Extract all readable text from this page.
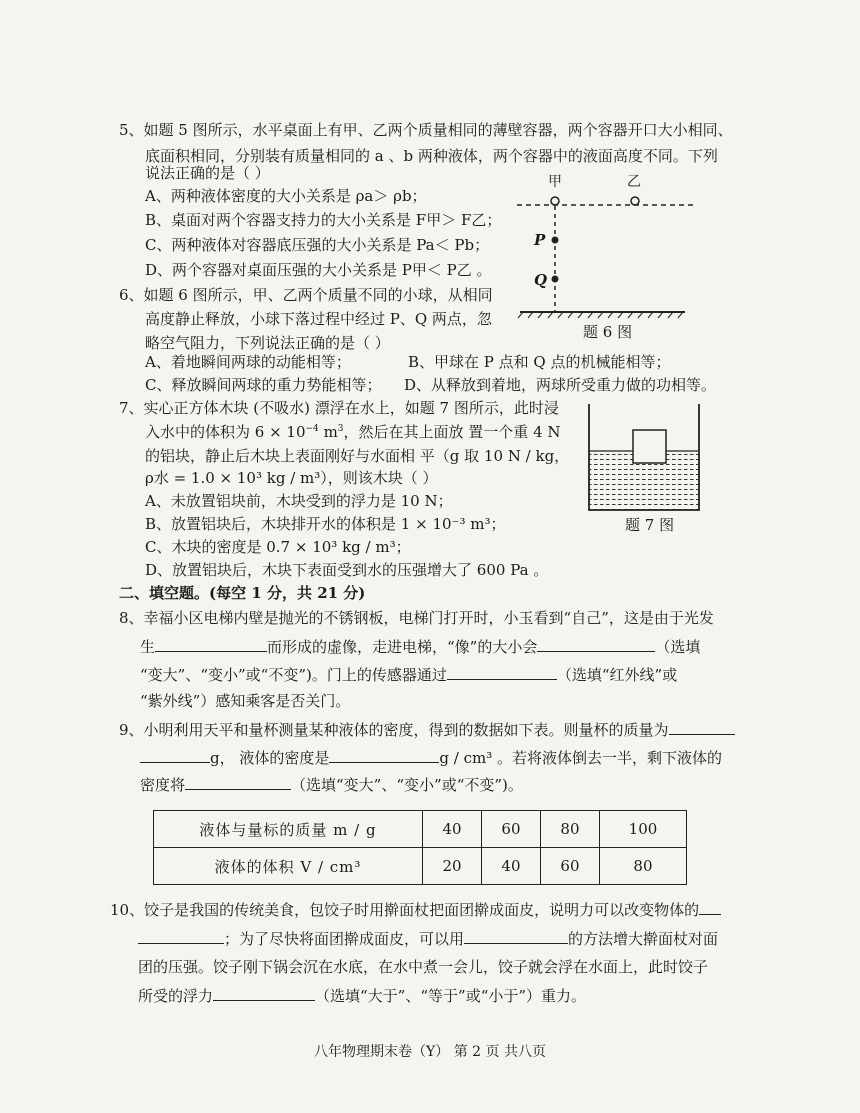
5、如题 5 图所示，水平桌面上有甲、乙两个质量相同的薄壁容器，两个容器开口大小相同、
底面积相同，分别装有质量相同的 a 、b 两种液体，两个容器中的液面高度不同。下列
说法正确的是（ ）
A、两种液体密度的大小关系是 ρa＞ ρb；
B、桌面对两个容器支持力的大小关系是 F甲＞ F乙；
C、两种液体对容器底压强的大小关系是 Pa＜ Pb；
D、两个容器对桌面压强的大小关系是 P甲＜ P乙 。
甲	乙
P
Q
题 6 图
6、如题 6 图所示，甲、乙两个质量不同的小球，从相同
高度静止释放，小球下落过程中经过 P、Q 两点，忽
略空气阻力，下列说法正确的是（ ）
A、着地瞬间两球的动能相等；	B、甲球在 P 点和 Q 点的机械能相等；
C、释放瞬间两球的重力势能相等； D、从释放到着地，两球所受重力做的功相等。
7、实心正方体木块 (不吸水) 漂浮在水上，如题 7 图所示，此时浸
入水中的体积为 $6 \times 10^{-4}$ $m^3$，然后在其上面放 置一个重 4 N
的铝块，静止后木块上表面刚好与水面相 平（g 取 10 N / kg，
ρ水 = 1.0 × 10³ kg / m³），则该木块（ ）
A、未放置铝块前，木块受到的浮力是 10 N；
B、放置铝块后，木块排开水的体积是 1 × 10⁻³ m³；
C、木块的密度是 0.7 × 10³ kg / m³；
D、放置铝块后，木块下表面受到水的压强增大了 600 Pa 。
题 7 图
二、填空题。(每空 1 分，共 21 分)
8、幸福小区电梯内壁是抛光的不锈钢板，电梯门打开时，小玉看到“自己”，这是由于光发
生	而形成的虚像，走进电梯，“像”的大小会	（选填
“变大”、“变小”或“不变”)。门上的传感器通过	（选填“红外线”或
“紫外线”）感知乘客是否关门。
9、小明利用天平和量杯测量某种液体的密度，得到的数据如下表。则量杯的质量为
g， 液体的密度是	g / cm³ 。若将液体倒去一半，剩下液体的
密度将	（选填“变大”、“变小”或“不变”)。
液体与量标的质量 m / g	40	60	80	100
液体的体积 V / cm³	20	40	60	80
10、饺子是我国的传统美食，包饺子时用擀面杖把面团擀成面皮，说明力可以改变物体的
；为了尽快将面团擀成面皮，可以用	的方法增大擀面杖对面
团的压强。饺子刚下锅会沉在水底，在水中煮一会儿，饺子就会浮在水面上，此时饺子
所受的浮力	（选填“大于”、“等于”或“小于”）重力。
八年物理期末卷（Y） 第 2 页 共八页
